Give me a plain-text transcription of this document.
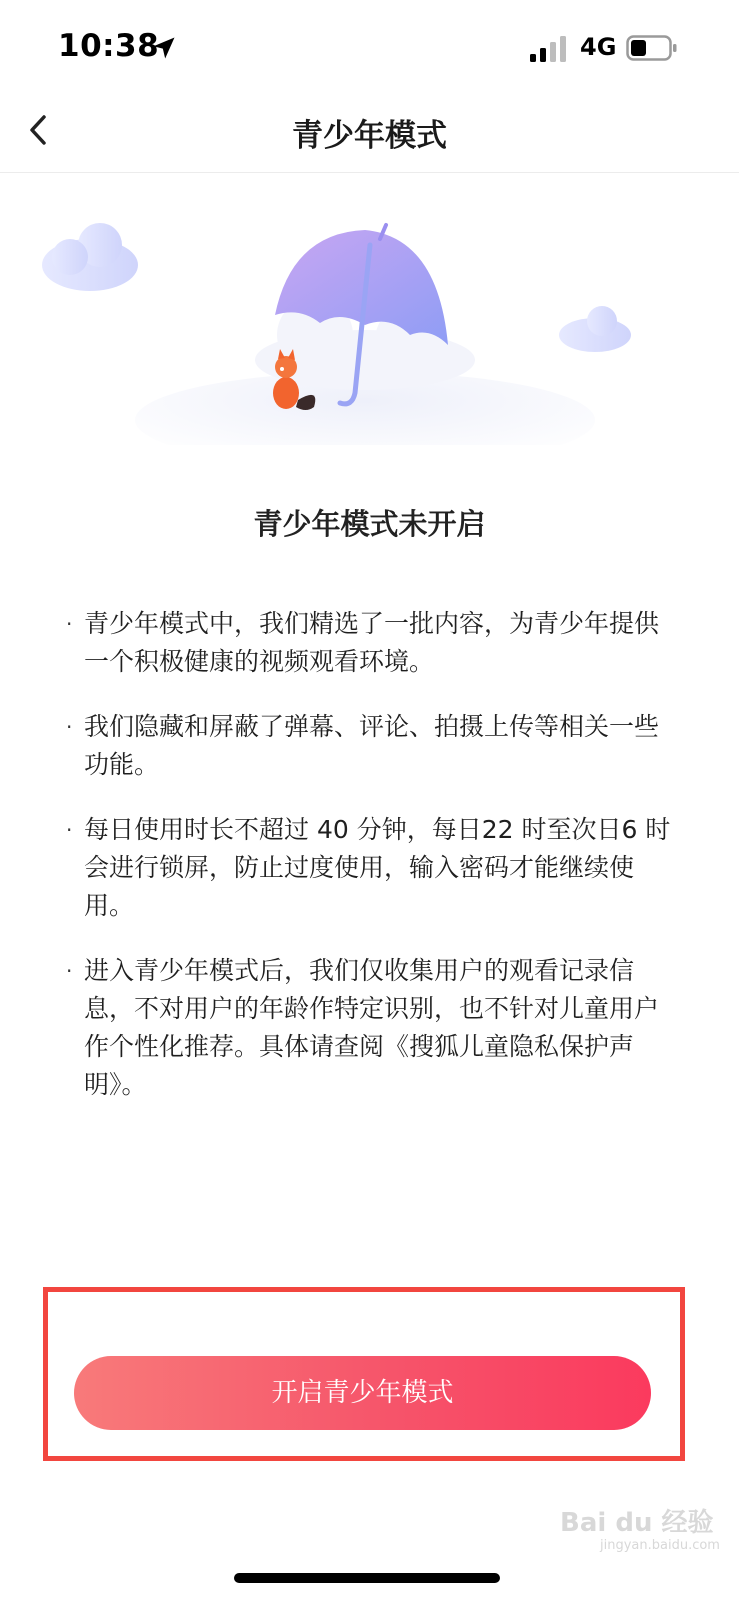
10:38	4G
青少年模式
青少年模式未开启
· 青少年模式中，我们精选了一批内容，为青少年提供一个积极健康的视频观看环境。
· 我们隐藏和屏蔽了弹幕、评论、拍摄上传等相关一些功能。
· 每日使用时长不超过 40 分钟，每日22 时至次日6 时会进行锁屏，防止过度使用，输入密码才能继续使用。
· 进入青少年模式后，我们仅收集用户的观看记录信息，不对用户的年龄作特定识别，也不针对儿童用户作个性化推荐。具体请查阅《搜狐儿童隐私保护声明》。
开启青少年模式
Bai du 经验
jingyan.baidu.com
